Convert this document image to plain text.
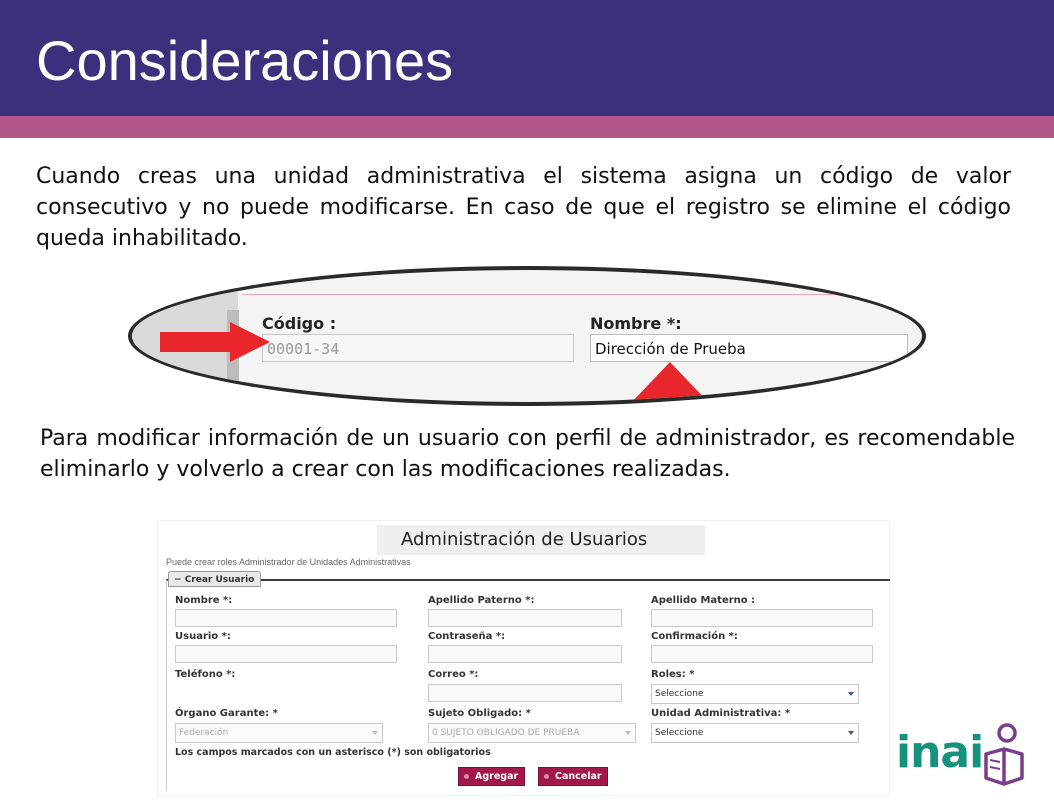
Consideraciones

Cuando creas una unidad administrativa el sistema asigna un código de valor consecutivo y no puede modificarse. En caso de que el registro se elimine el código queda inhabilitado.

Código :	Nombre *:
00001-34	Dirección de Prueba

Para modificar información de un usuario con perfil de administrador, es recomendable eliminarlo y volverlo a crear con las modificaciones realizadas.

Administración de Usuarios
Puede crear roles Administrador de Unidades Administrativas
− Crear Usuario
Nombre *:	Apellido Paterno *:	Apellido Materno :
Usuario *:	Contraseña *:	Confirmación *:
Teléfono *:	Correo *:	Roles: *
Seleccione
Órgano Garante: *
Federación
Sujeto Obligado: *
0 SUJETO OBLIGADO DE PRUEBA
Unidad Administrativa: *
Seleccione
Los campos marcados con un asterisco (*) son obligatorios
Agregar	Cancelar	inai
